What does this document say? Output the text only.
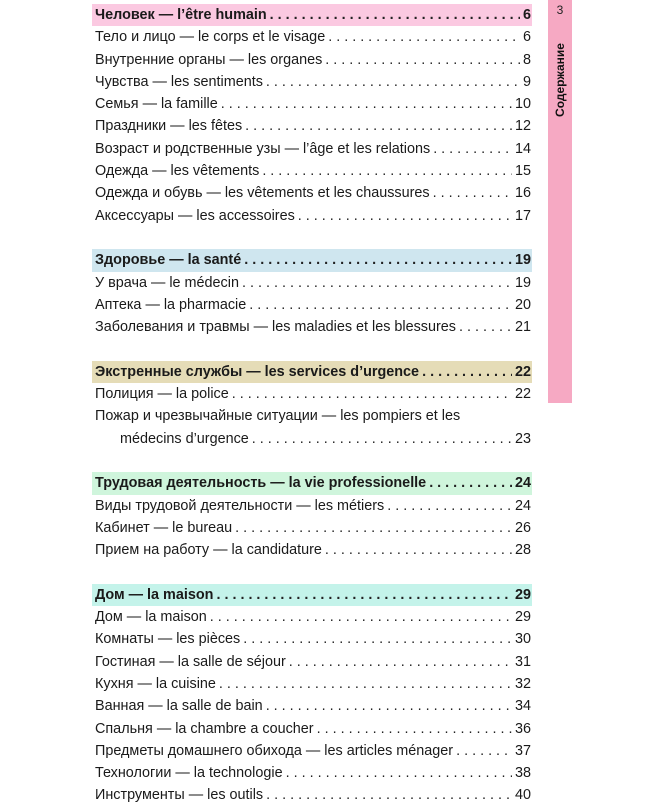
3
Содержание
Человек — l’être humain . . .	6
Тело и лицо — le corps et le visage . . .	6
Внутренние органы — les organes . . .	8
Чувства — les sentiments . . .	9
Семья — la famille . . .	10
Праздники — les fêtes . . .	12
Возраст и родственные узы — l’âge et les relations . . .	14
Одежда — les vêtements . . .	15
Одежда и обувь — les vêtements et les chaussures . . .	16
Аксессуары — les accessoires . . .	17
Здоровье — la santé . . .	19
У врача — le médecin . . .	19
Аптека — la pharmacie . . .	20
Заболевания и травмы — les maladies et les blessures . . .	21
Экстренные службы — les services d’urgence . . .	22
Полиция — la police . . .	22
Пожар и чрезвычайные ситуации — les pompiers et les
médecins d’urgence . . .	23
Трудовая деятельность — la vie professionelle . . .	24
Виды трудовой деятельности — les métiers . . .	24
Кабинет — le bureau . . .	26
Прием на работу — la candidature . . .	28
Дом — la maison . . .	29
Дом — la maison . . .	29
Комнаты — les pièces . . .	30
Гостиная — la salle de séjour . . .	31
Кухня — la cuisine . . .	32
Ванная — la salle de bain . . .	34
Спальня — la chambre a coucher . . .	36
Предметы домашнего обихода — les articles ménager . . .	37
Технологии — la technologie . . .	38
Инструменты — les outils . . .	40
